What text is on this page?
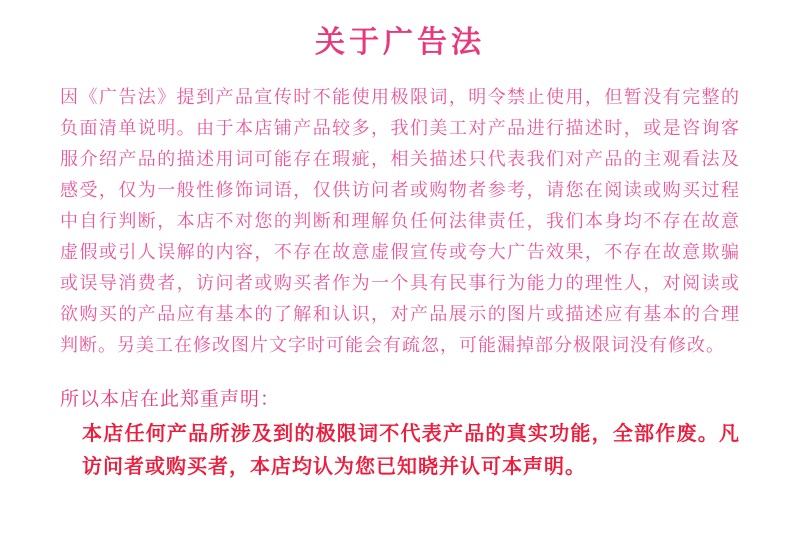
关于广告法
因《广告法》提到产品宣传时不能使用极限词，明令禁止使用，但暂没有完整的负面清单说明。由于本店铺产品较多，我们美工对产品进行描述时，或是咨询客服介绍产品的描述用词可能存在瑕疵，相关描述只代表我们对产品的主观看法及感受，仅为一般性修饰词语，仅供访问者或购物者参考，请您在阅读或购买过程中自行判断，本店不对您的判断和理解负任何法律责任，我们本身均不存在故意虚假或引人误解的内容，不存在故意虚假宣传或夸大广告效果，不存在故意欺骗或误导消费者，访问者或购买者作为一个具有民事行为能力的理性人，对阅读或欲购买的产品应有基本的了解和认识，对产品展示的图片或描述应有基本的合理判断。另美工在修改图片文字时可能会有疏忽，可能漏掉部分极限词没有修改。
所以本店在此郑重声明：
本店任何产品所涉及到的极限词不代表产品的真实功能，全部作废。凡访问者或购买者，本店均认为您已知晓并认可本声明。
